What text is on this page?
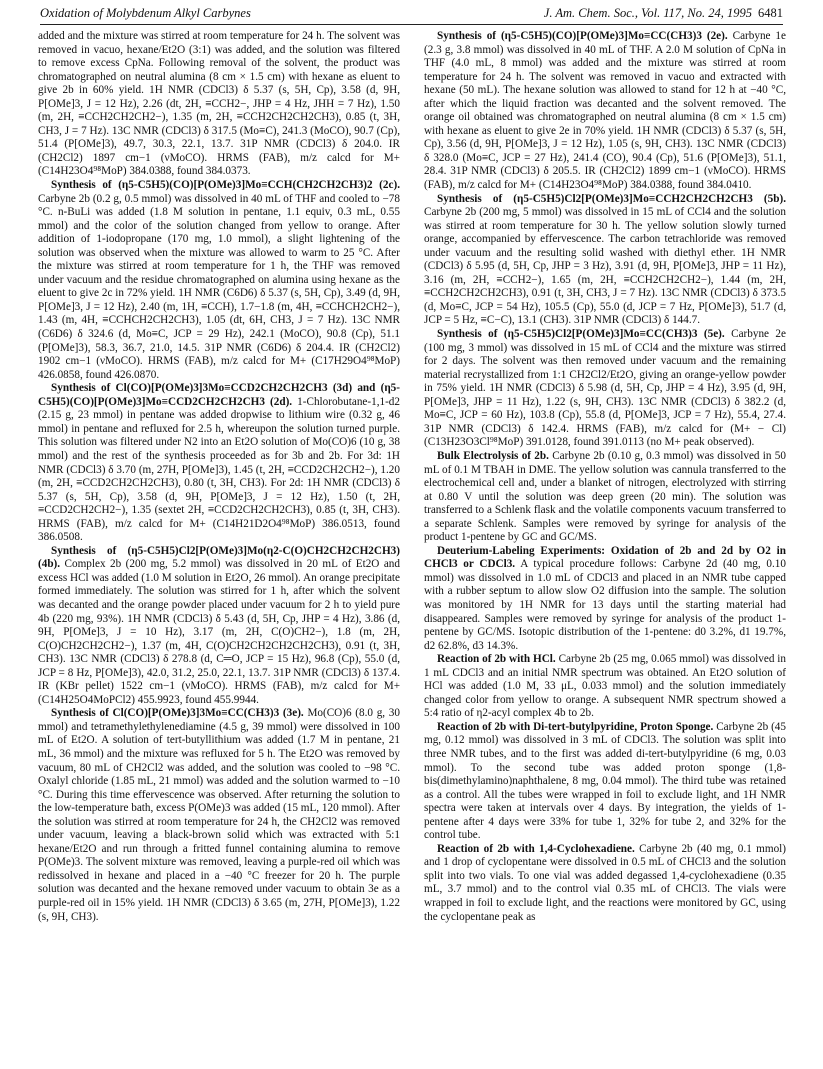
Oxidation of Molybdenum Alkyl Carbynes	J. Am. Chem. Soc., Vol. 117, No. 24, 1995 6481

added and the mixture was stirred at room temperature for 24 h. The solvent was removed in vacuo, hexane/Et2O (3:1) was added, and the solution was filtered to remove excess CpNa. Following removal of the solvent, the product was chromatographed on neutral alumina (8 cm × 1.5 cm) with hexane as eluent to give 2b in 60% yield. 1H NMR (CDCl3) δ 5.37 (s, 5H, Cp), 3.58 (d, 9H, P[OMe]3, J = 12 Hz), 2.26 (dt, 2H, ≡CCH2−, JHP = 4 Hz, JHH = 7 Hz), 1.50 (m, 2H, ≡CCH2CH2CH2−), 1.35 (m, 2H, ≡CCH2CH2CH2CH3), 0.85 (t, 3H, CH3, J = 7 Hz). 13C NMR (CDCl3) δ 317.5 (Mo≡C), 241.3 (MoCO), 90.7 (Cp), 51.4 (P[OMe]3), 49.7, 30.3, 22.1, 13.7. 31P NMR (CDCl3) δ 204.0. IR (CH2Cl2) 1897 cm−1 (νMoCO). HRMS (FAB), m/z calcd for M+ (C14H23O4⁹⁸MoP) 384.0388, found 384.0373.

Synthesis of (η5-C5H5)(CO)[P(OMe)3]Mo≡CCH(CH2CH2CH3)2 (2c). Carbyne 2b (0.2 g, 0.5 mmol) was dissolved in 40 mL of THF and cooled to −78 °C. n-BuLi was added (1.8 M solution in pentane, 1.1 equiv, 0.3 mL, 0.55 mmol) and the color of the solution changed from yellow to orange. After addition of 1-iodopropane (170 mg, 1.0 mmol), a slight lightening of the solution was observed when the mixture was allowed to warm to 25 °C. After the mixture was stirred at room temperature for 1 h, the THF was removed under vacuum and the residue chromatographed on alumina using hexane as the eluent to give 2c in 72% yield. 1H NMR (C6D6) δ 5.37 (s, 5H, Cp), 3.49 (d, 9H, P[OMe]3, J = 12 Hz), 2.40 (m, 1H, ≡CCH), 1.7−1.8 (m, 4H, ≡CCHCH2CH2−), 1.43 (m, 4H, ≡CCHCH2CH2CH3), 1.05 (dt, 6H, CH3, J = 7 Hz). 13C NMR (C6D6) δ 324.6 (d, Mo≡C, JCP = 29 Hz), 242.1 (MoCO), 90.8 (Cp), 51.1 (P[OMe]3), 58.3, 36.7, 21.0, 14.5. 31P NMR (C6D6) δ 204.4. IR (CH2Cl2) 1902 cm−1 (νMoCO). HRMS (FAB), m/z calcd for M+ (C17H29O4⁹⁸MoP) 426.0858, found 426.0870.

Synthesis of Cl(CO)[P(OMe)3]3Mo≡CCD2CH2CH2CH3 (3d) and (η5-C5H5)(CO)[P(OMe)3]Mo≡CCD2CH2CH2CH3 (2d). 1-Chlorobutane-1,1-d2 (2.15 g, 23 mmol) in pentane was added dropwise to lithium wire (0.32 g, 46 mmol) in pentane and refluxed for 2.5 h, whereupon the solution turned purple. This solution was filtered under N2 into an Et2O solution of Mo(CO)6 (10 g, 38 mmol) and the rest of the synthesis proceeded as for 3b and 2b. For 3d: 1H NMR (CDCl3) δ 3.70 (m, 27H, P[OMe]3), 1.45 (t, 2H, ≡CCD2CH2CH2−), 1.20 (m, 2H, ≡CCD2CH2CH2CH3), 0.80 (t, 3H, CH3). For 2d: 1H NMR (CDCl3) δ 5.37 (s, 5H, Cp), 3.58 (d, 9H, P[OMe]3, J = 12 Hz), 1.50 (t, 2H, ≡CCD2CH2CH2−), 1.35 (sextet 2H, ≡CCD2CH2CH2CH3), 0.85 (t, 3H, CH3). HRMS (FAB), m/z calcd for M+ (C14H21D2O4⁹⁸MoP) 386.0513, found 386.0508.

Synthesis of (η5-C5H5)Cl2[P(OMe)3]Mo(η2-C(O)CH2CH2CH2CH3) (4b). Complex 2b (200 mg, 5.2 mmol) was dissolved in 20 mL of Et2O and excess HCl was added (1.0 M solution in Et2O, 26 mmol). An orange precipitate formed immediately. The solution was stirred for 1 h, after which the solvent was decanted and the orange powder placed under vacuum for 2 h to yield pure 4b (220 mg, 93%). 1H NMR (CDCl3) δ 5.43 (d, 5H, Cp, JHP = 4 Hz), 3.86 (d, 9H, P[OMe]3, J = 10 Hz), 3.17 (m, 2H, C(O)CH2−), 1.8 (m, 2H, C(O)CH2CH2CH2−), 1.37 (m, 4H, C(O)CH2CH2CH2CH2CH3), 0.91 (t, 3H, CH3). 13C NMR (CDCl3) δ 278.8 (d, C═O, JCP = 15 Hz), 96.8 (Cp), 55.0 (d, JCP = 8 Hz, P[OMe]3), 42.0, 31.2, 25.0, 22.1, 13.7. 31P NMR (CDCl3) δ 137.4. IR (KBr pellet) 1522 cm−1 (νMoCO). HRMS (FAB), m/z calcd for M+ (C14H25O4MoPCl2) 455.9923, found 455.9944.

Synthesis of Cl(CO)[P(OMe)3]3Mo≡CC(CH3)3 (3e). Mo(CO)6 (8.0 g, 30 mmol) and tetramethylethylenediamine (4.5 g, 39 mmol) were dissolved in 100 mL of Et2O. A solution of tert-butyllithium was added (1.7 M in pentane, 21 mL, 36 mmol) and the mixture was refluxed for 5 h. The Et2O was removed by vacuum, 80 mL of CH2Cl2 was added, and the solution was cooled to −98 °C. Oxalyl chloride (1.85 mL, 21 mmol) was added and the solution warmed to −10 °C. During this time effervescence was observed. After returning the solution to the low-temperature bath, excess P(OMe)3 was added (15 mL, 120 mmol). After the solution was stirred at room temperature for 24 h, the CH2Cl2 was removed under vacuum, leaving a black-brown solid which was extracted with 5:1 hexane/Et2O and run through a fritted funnel containing alumina to remove P(OMe)3. The solvent mixture was removed, leaving a purple-red oil which was redissolved in hexane and placed in a −40 °C freezer for 20 h. The purple solution was decanted and the hexane removed under vacuum to obtain 3e as a purple-red oil in 15% yield. 1H NMR (CDCl3) δ 3.65 (m, 27H, P[OMe]3), 1.22 (s, 9H, CH3).

Synthesis of (η5-C5H5)(CO)[P(OMe)3]Mo≡CC(CH3)3 (2e). Carbyne 1e (2.3 g, 3.8 mmol) was dissolved in 40 mL of THF. A 2.0 M solution of CpNa in THF (4.0 mL, 8 mmol) was added and the mixture was stirred at room temperature for 24 h. The solvent was removed in vacuo and extracted with hexane (50 mL). The hexane solution was allowed to stand for 12 h at −40 °C, after which the liquid fraction was decanted and the solvent removed. The orange oil obtained was chromatographed on neutral alumina (8 cm × 1.5 cm) with hexane as eluent to give 2e in 70% yield. 1H NMR (CDCl3) δ 5.37 (s, 5H, Cp), 3.56 (d, 9H, P[OMe]3, J = 12 Hz), 1.05 (s, 9H, CH3). 13C NMR (CDCl3) δ 328.0 (Mo≡C, JCP = 27 Hz), 241.4 (CO), 90.4 (Cp), 51.6 (P[OMe]3), 51.1, 28.4. 31P NMR (CDCl3) δ 205.5. IR (CH2Cl2) 1899 cm−1 (νMoCO). HRMS (FAB), m/z calcd for M+ (C14H23O4⁹⁸MoP) 384.0388, found 384.0410.

Synthesis of (η5-C5H5)Cl2[P(OMe)3]Mo≡CCH2CH2CH2CH3 (5b). Carbyne 2b (200 mg, 5 mmol) was dissolved in 15 mL of CCl4 and the solution was stirred at room temperature for 30 h. The yellow solution slowly turned orange, accompanied by effervescence. The carbon tetrachloride was removed under vacuum and the resulting solid washed with diethyl ether. 1H NMR (CDCl3) δ 5.95 (d, 5H, Cp, JHP = 3 Hz), 3.91 (d, 9H, P[OMe]3, JHP = 11 Hz), 3.16 (m, 2H, ≡CCH2−), 1.65 (m, 2H, ≡CCH2CH2CH2−), 1.44 (m, 2H, ≡CCH2CH2CH2CH3), 0.91 (t, 3H, CH3, J = 7 Hz). 13C NMR (CDCl3) δ 373.5 (d, Mo≡C, JCP = 54 Hz), 105.5 (Cp), 55.0 (d, JCP = 7 Hz, P[OMe]3), 51.7 (d, JCP = 5 Hz, ≡C−C), 13.1 (CH3). 31P NMR (CDCl3) δ 144.7.

Synthesis of (η5-C5H5)Cl2[P(OMe)3]Mo≡CC(CH3)3 (5e). Carbyne 2e (100 mg, 3 mmol) was dissolved in 15 mL of CCl4 and the mixture was stirred for 2 days. The solvent was then removed under vacuum and the remaining material recrystallized from 1:1 CH2Cl2/Et2O, giving an orange-yellow powder in 75% yield. 1H NMR (CDCl3) δ 5.98 (d, 5H, Cp, JHP = 4 Hz), 3.95 (d, 9H, P[OMe]3, JHP = 11 Hz), 1.22 (s, 9H, CH3). 13C NMR (CDCl3) δ 382.2 (d, Mo≡C, JCP = 60 Hz), 103.8 (Cp), 55.8 (d, P[OMe]3, JCP = 7 Hz), 55.4, 27.4. 31P NMR (CDCl3) δ 142.4. HRMS (FAB), m/z calcd for (M+ − Cl) (C13H23O3Cl⁹⁸MoP) 391.0128, found 391.0113 (no M+ peak observed).

Bulk Electrolysis of 2b. Carbyne 2b (0.10 g, 0.3 mmol) was dissolved in 50 mL of 0.1 M TBAH in DME. The yellow solution was cannula transferred to the electrochemical cell and, under a blanket of nitrogen, electrolyzed with stirring at 0.80 V until the solution was deep green (20 min). The solution was transferred to a Schlenk flask and the volatile components vacuum transferred to a separate Schlenk. Samples were removed by syringe for analysis of the product 1-pentene by GC and GC/MS.

Deuterium-Labeling Experiments: Oxidation of 2b and 2d by O2 in CHCl3 or CDCl3. A typical procedure follows: Carbyne 2d (40 mg, 0.10 mmol) was dissolved in 1.0 mL of CDCl3 and placed in an NMR tube capped with a rubber septum to allow slow O2 diffusion into the sample. The solution was monitored by 1H NMR for 13 days until the starting material had disappeared. Samples were removed by syringe for analysis of the product 1-pentene by GC/MS. Isotopic distribution of the 1-pentene: d0 3.2%, d1 19.7%, d2 62.8%, d3 14.3%.

Reaction of 2b with HCl. Carbyne 2b (25 mg, 0.065 mmol) was dissolved in 1 mL CDCl3 and an initial NMR spectrum was obtained. An Et2O solution of HCl was added (1.0 M, 33 μL, 0.033 mmol) and the solution immediately changed color from yellow to orange. A subsequent NMR spectrum showed a 5:4 ratio of η2-acyl complex 4b to 2b.

Reaction of 2b with Di-tert-butylpyridine, Proton Sponge. Carbyne 2b (45 mg, 0.12 mmol) was dissolved in 3 mL of CDCl3. The solution was split into three NMR tubes, and to the first was added di-tert-butylpyridine (6 mg, 0.03 mmol). To the second tube was added proton sponge (1,8-bis(dimethylamino)naphthalene, 8 mg, 0.04 mmol). The third tube was retained as a control. All the tubes were wrapped in foil to exclude light, and 1H NMR spectra were taken at intervals over 4 days. By integration, the yields of 1-pentene after 4 days were 33% for tube 1, 32% for tube 2, and 32% for the control tube.

Reaction of 2b with 1,4-Cyclohexadiene. Carbyne 2b (40 mg, 0.1 mmol) and 1 drop of cyclopentane were dissolved in 0.5 mL of CHCl3 and the solution split into two vials. To one vial was added degassed 1,4-cyclohexadiene (0.35 mL, 3.7 mmol) and to the control vial 0.35 mL of CHCl3. The vials were wrapped in foil to exclude light, and the reactions were monitored by GC, using the cyclopentane peak as
